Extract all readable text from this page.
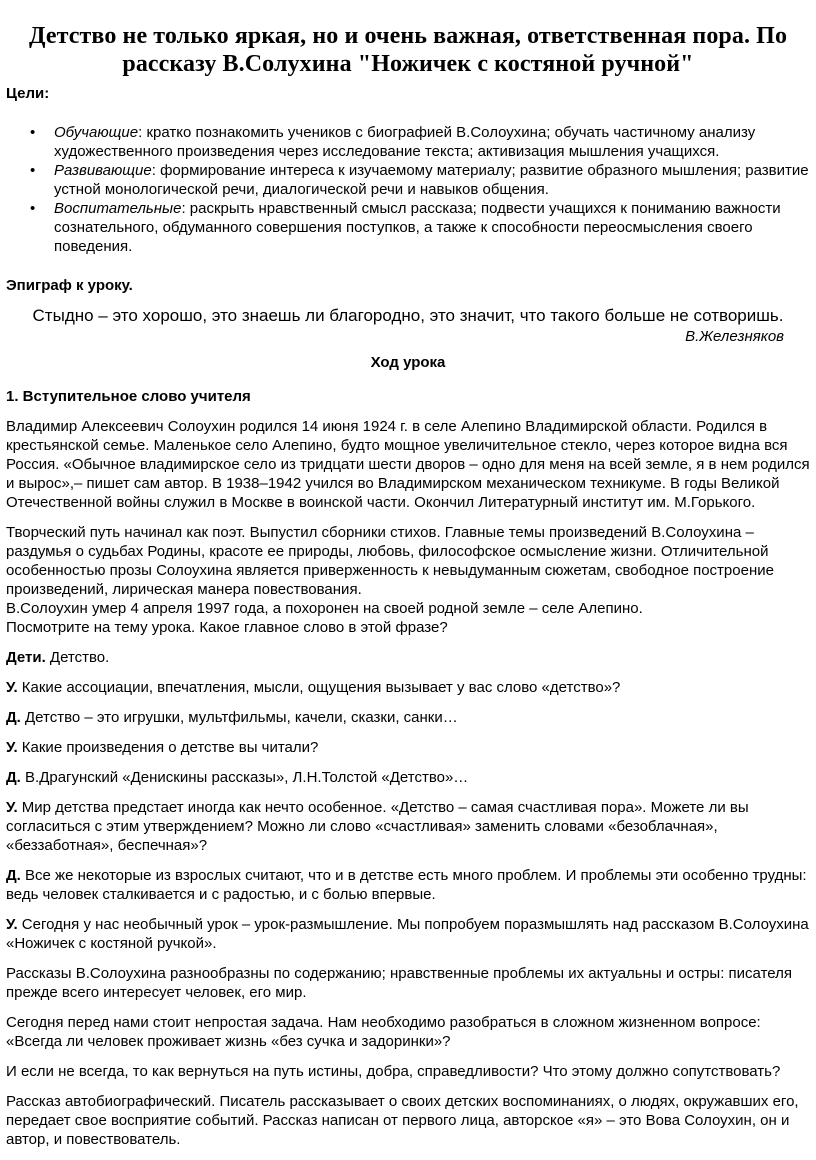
Детство не только яркая, но и очень важная, ответственная пора. По рассказу В.Солухина "Ножичек с костяной ручной"
Цели:
• Обучающие: кратко познакомить учеников с биографией В.Солоухина; обучать частичному анализу художественного произведения через исследование текста; активизация мышления учащихся.
• Развивающие: формирование интереса к изучаемому материалу; развитие образного мышления; развитие устной монологической речи, диалогической речи и навыков общения.
• Воспитательные: раскрыть нравственный смысл рассказа; подвести учащихся к пониманию важности сознательного, обдуманного совершения поступков, а также к способности переосмысления своего поведения.
Эпиграф к уроку.
Стыдно – это хорошо, это знаешь ли благородно, это значит, что такого больше не сотворишь.
В.Железняков
Ход урока
1. Вступительное слово учителя

Владимир Алексеевич Солоухин родился 14 июня 1924 г. в селе Алепино Владимирской области. Родился в крестьянской семье. Маленькое село Алепино, будто мощное увеличительное стекло, через которое видна вся Россия. «Обычное владимирское село из тридцати шести дворов – одно для меня на всей земле, я в нем родился и вырос»,– пишет сам автор. В 1938–1942 учился во Владимирском механическом техникуме. В годы Великой Отечественной войны служил в Москве в воинской части. Окончил Литературный институт им. М.Горького.

Творческий путь начинал как поэт. Выпустил сборники стихов. Главные темы произведений В.Солоухина – раздумья о судьбах Родины, красоте ее природы, любовь, философское осмысление жизни. Отличительной особенностью прозы Солоухина является приверженность к невыдуманным сюжетам, свободное построение произведений, лирическая манера повествования.

В.Солоухин умер 4 апреля 1997 года, а похоронен на своей родной земле – селе Алепино.

Посмотрите на тему урока. Какое главное слово в этой фразе?

Дети. Детство.

У. Какие ассоциации, впечатления, мысли, ощущения вызывает у вас слово «детство»?

Д. Детство – это игрушки, мультфильмы, качели, сказки, санки…

У. Какие произведения о детстве вы читали?

Д. В.Драгунский «Денискины рассказы», Л.Н.Толстой «Детство»…

У. Мир детства предстает иногда как нечто особенное. «Детство – самая счастливая пора». Можете ли вы согласиться с этим утверждением? Можно ли слово «счастливая» заменить словами «безоблачная», «беззаботная», беспечная»?

Д. Все же некоторые из взрослых считают, что и в детстве есть много проблем. И проблемы эти особенно трудны: ведь человек сталкивается и с радостью, и с болью впервые.

У. Сегодня у нас необычный урок – урок-размышление. Мы попробуем поразмышлять над рассказом В.Солоухина «Ножичек с костяной ручкой».

Рассказы В.Солоухина разнообразны по содержанию; нравственные проблемы их актуальны и остры: писателя прежде всего интересует человек, его мир.

Сегодня перед нами стоит непростая задача. Нам необходимо разобраться в сложном жизненном вопросе: «Всегда ли человек проживает жизнь «без сучка и задоринки»?

И если не всегда, то как вернуться на путь истины, добра, справедливости? Что этому должно сопутствовать?

Рассказ автобиографический. Писатель рассказывает о своих детских воспоминаниях, о людях, окружавших его, передает свое восприятие событий. Рассказ написан от первого лица, авторское «я» – это Вова Солоухин, он и автор, и повествователь.
